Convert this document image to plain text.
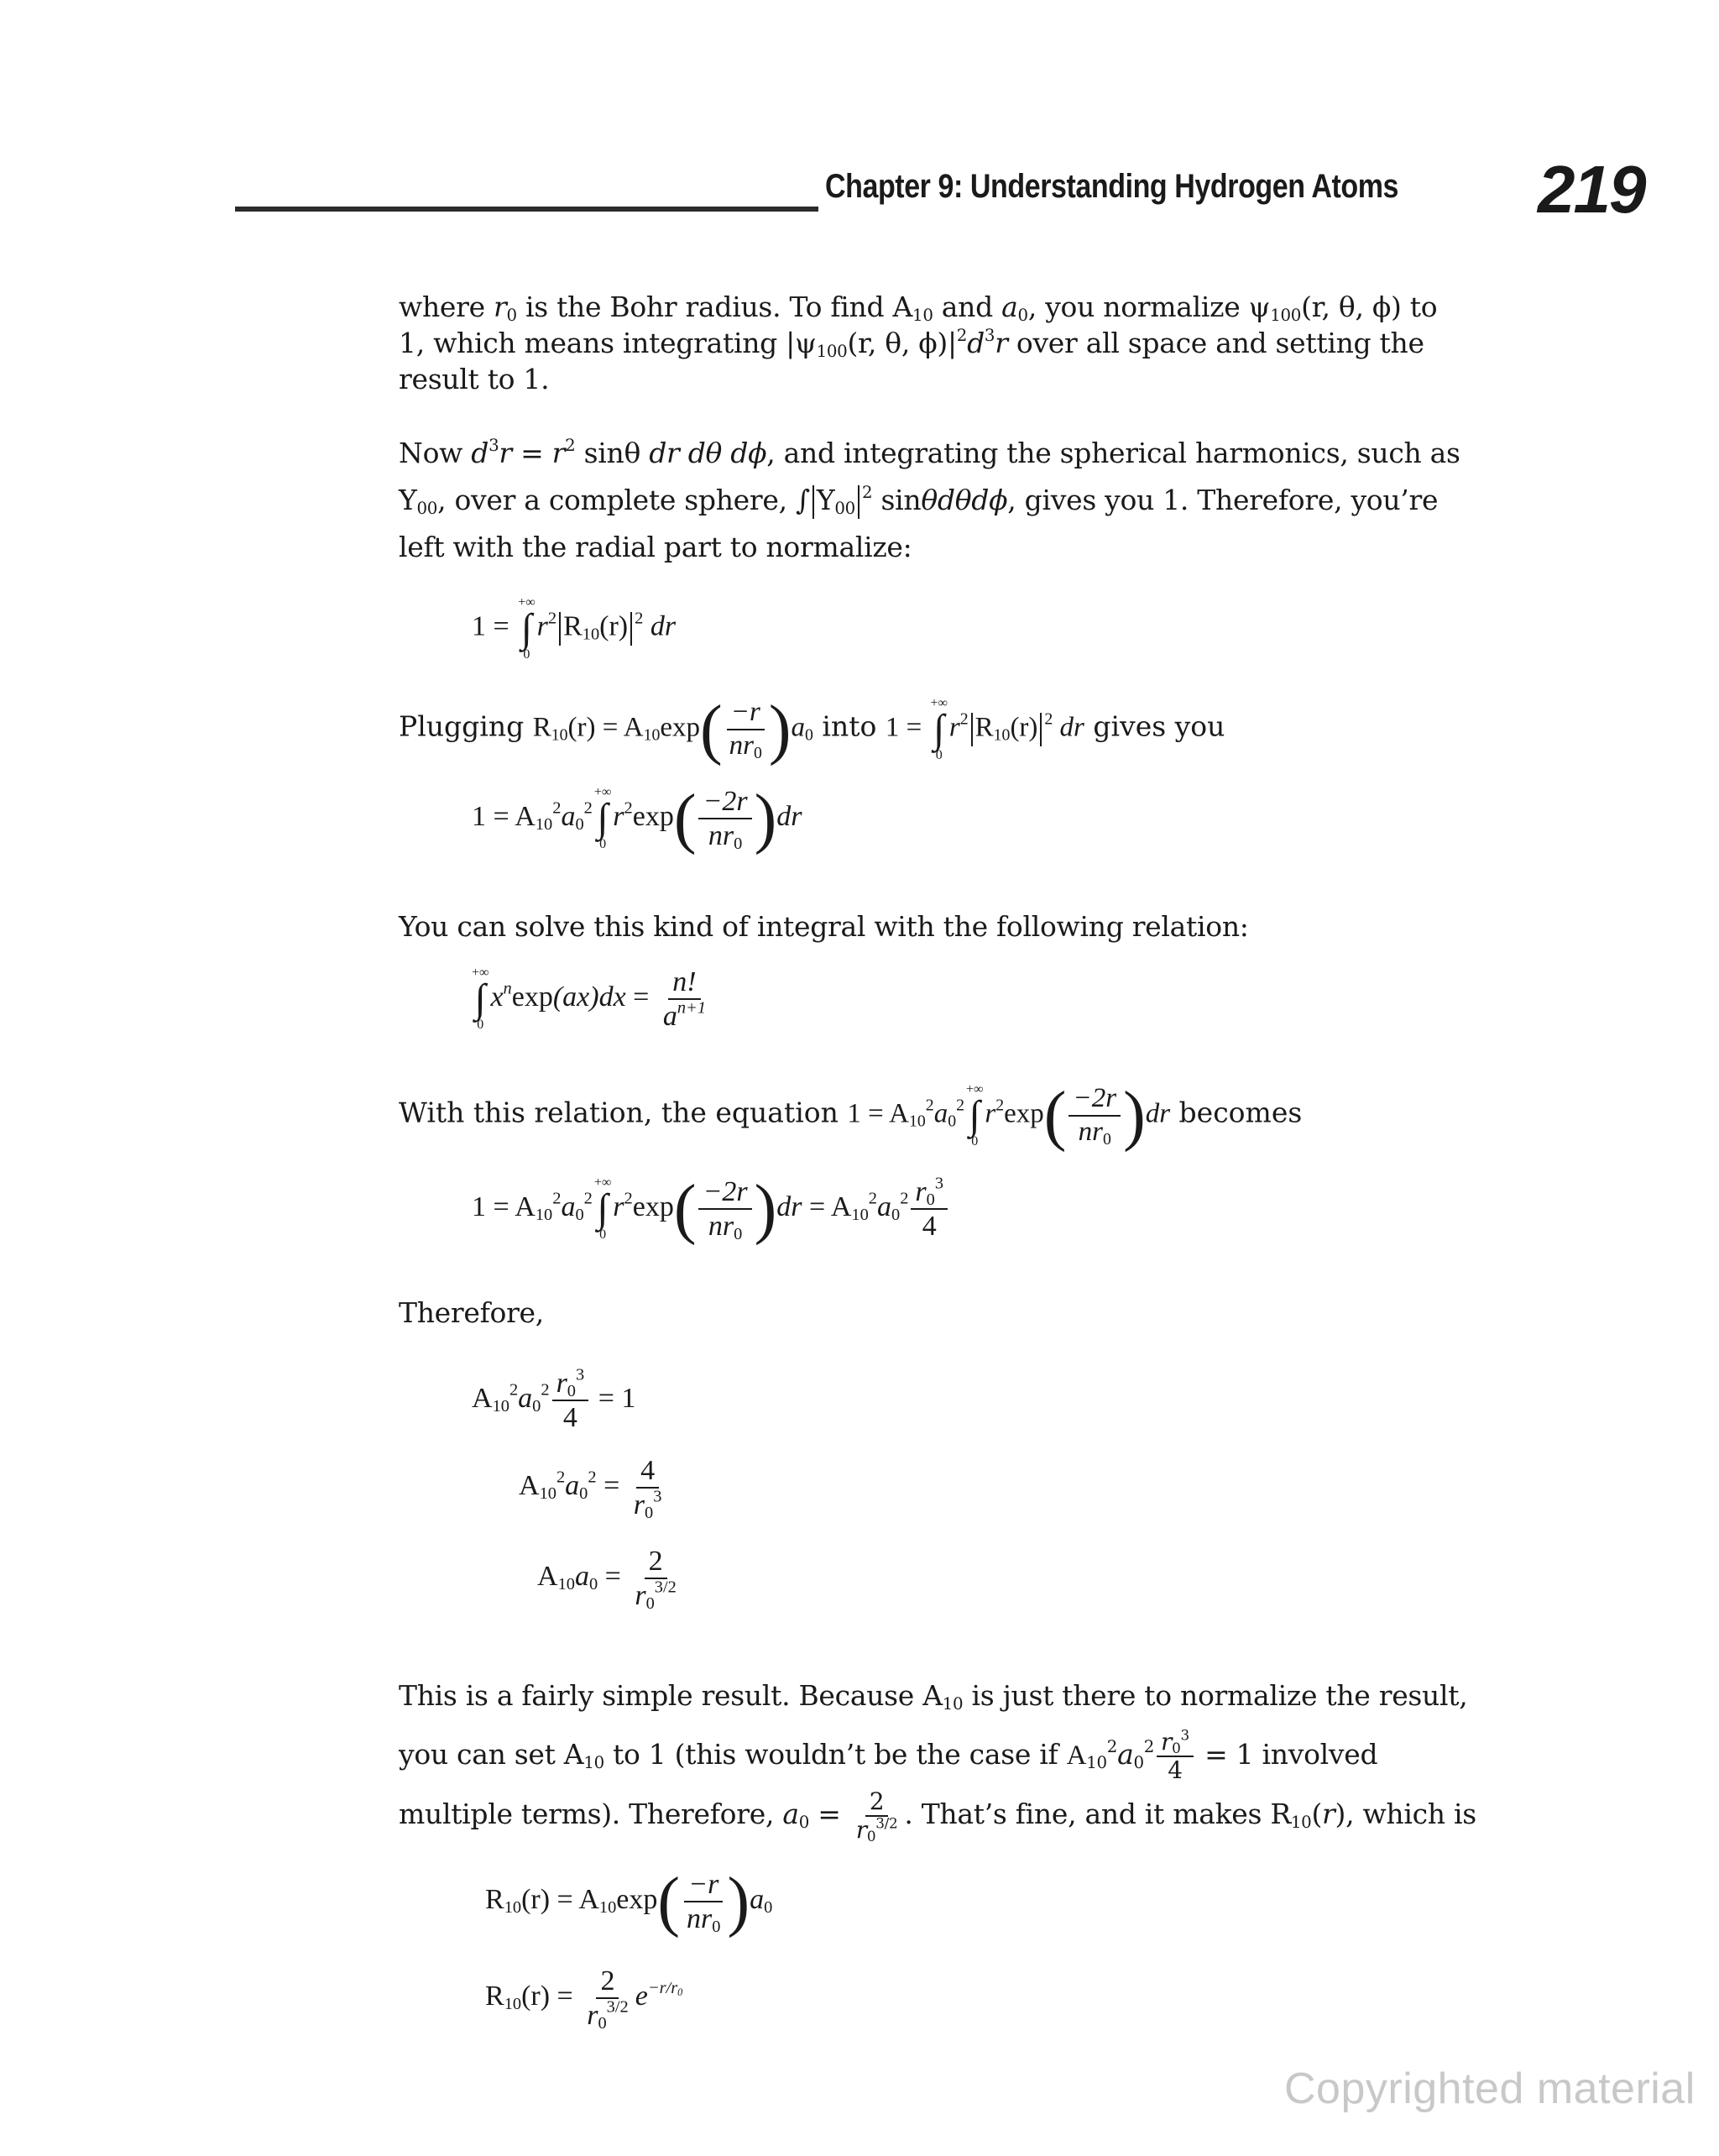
Chapter 9: Understanding Hydrogen Atoms 219

where $r_0$ is the Bohr radius. To find $A_{10}$ and $a_0$, you normalize $\psi_{100}(r$, θ, ϕ) to

1, which means integrating $|\psi_{100}(r$, θ, $\phi)|^2d^3r$ over all space and setting the

result to 1.

Now $d^3r = r^2$ sinθ dr dθ dϕ, and integrating the spherical harmonics, such as

$Y_{00}$, over a complete sphere, ∫ $Y_{00}^2$ sinθdθdϕ, gives you 1. Therefore, you’re

left with the radial part to normalize:

1 =
+∞
∫
0
$r^2$ $R_{10}(r)$ $^2$ dr
Plugging $R_{10}(r) = A_{10}\exp( \frac{-r}{nr_0} )a_0$ into 1 =
+∞
∫
0
$r^2$ $R_{10}(r)$ $^2$ dr gives you
$1 = A_{10}^2a_0^2$
+∞
∫
0
$r^2\exp( \frac{-2r}{nr_0} )dr$

You can solve this kind of integral with the following relation:

+∞
∫
0
$x^n\exp(ax)dx = \frac{n!}{a^{n+1}}$
With this relation, the equation $1 = A_{10}^2a_0^2$
+∞
∫
0
$r^2\exp( \frac{-2r}{nr_0} )dr$ becomes
$1 = A_{10}^2a_0^2$
+∞
∫
0
$r^2\exp( \frac{-2r}{nr_0} )dr = A_{10}^2a_0^2 \frac{r_0^3}{4}$

Therefore,

$A_{10}^2a_0^2 \frac{r_0^3}{4} = 1$
$A_{10}^2a_0^2 = \frac{4}{r_0^3}$
$A_{10}a_0 = \frac{2}{r_0^{3/2}}$

This is a fairly simple result. Because $A_{10}$ is just there to normalize the result,

you can set $A_{10}$ to 1 (this wouldn’t be the case if $A_{10}^2a_0^2 \frac{r_0^3}{4} = 1$ involved

multiple terms). Therefore, $a_0 = \frac{2}{r_0^{3/2}}$ . That’s fine, and it makes $R_{10}(r)$, which is

$R_{10}(r) = A_{10}\exp( \frac{-r}{nr_0} )a_0$
$R_{10}(r) = \frac{2}{r_0^{3/2}} e^{-r/r_0}$
Copyrighted material
